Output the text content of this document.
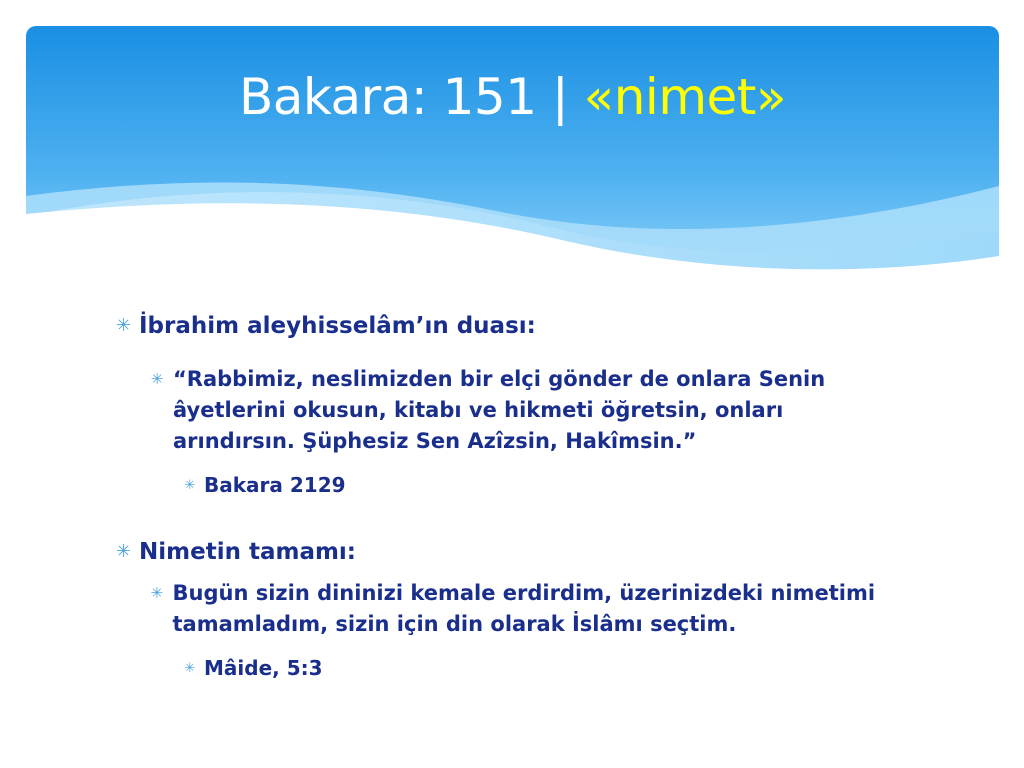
Bakara: 151 | «nimet»
✳ İbrahim aleyhisselâm’ın duası:
✳ “Rabbimiz, neslimizden bir elçi gönder de onlara Senin âyetlerini okusun, kitabı ve hikmeti öğretsin, onları arındırsın. Şüphesiz Sen Azîzsin, Hakîmsin.”
✳ Bakara 2129
✳ Nimetin tamamı:
✳ Bugün sizin dininizi kemale erdirdim, üzerinizdeki nimetimi tamamladım, sizin için din olarak İslâmı seçtim.
✳ Mâide, 5:3
